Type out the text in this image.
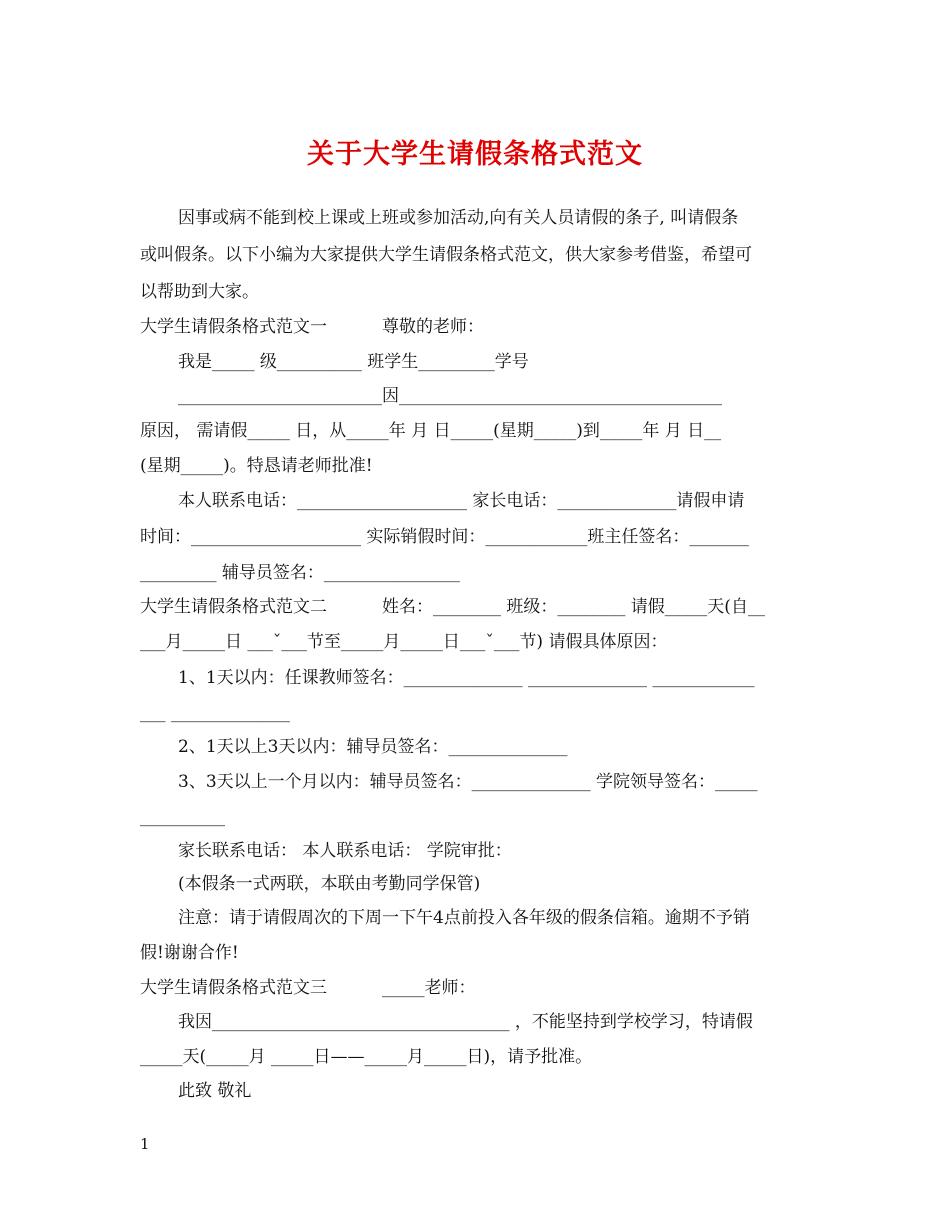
关于大学生请假条格式范文
因事或病不能到校上课或上班或参加活动,向有关人员请假的条子, 叫请假条
或叫假条。以下小编为大家提供大学生请假条格式范文，供大家参考借鉴，希望可
以帮助到大家。
大学生请假条格式范文一	尊敬的老师：
我是_____ 级__________ 班学生_________学号
________________________因______________________________________
原因， 需请假_____ 日，从_____年 月 日_____(星期_____)到_____年 月 日__
(星期_____)。特恳请老师批准!
本人联系电话：____________________ 家长电话：______________请假申请
时间：____________________ 实际销假时间：____________班主任签名：_______
_________ 辅导员签名：________________
大学生请假条格式范文二	姓名：________ 班级：________ 请假_____天(自__
___月_____日 ___ˇ___节至_____月_____日___ˇ___节) 请假具体原因：
1、1天以内：任课教师签名：______________ ______________ ____________
___ ______________
2、1天以上3天以内：辅导员签名：______________
3、3天以上一个月以内：辅导员签名：______________ 学院领导签名：_____
__________
家长联系电话： 本人联系电话： 学院审批：
(本假条一式两联，本联由考勤同学保管)
注意：请于请假周次的下周一下午4点前投入各年级的假条信箱。逾期不予销
假!谢谢合作!
大学生请假条格式范文三	_____老师：
我因___________________________________ ，不能坚持到学校学习，特请假
_____天(_____月 _____日——_____月_____日)，请予批准。
此致 敬礼
1
